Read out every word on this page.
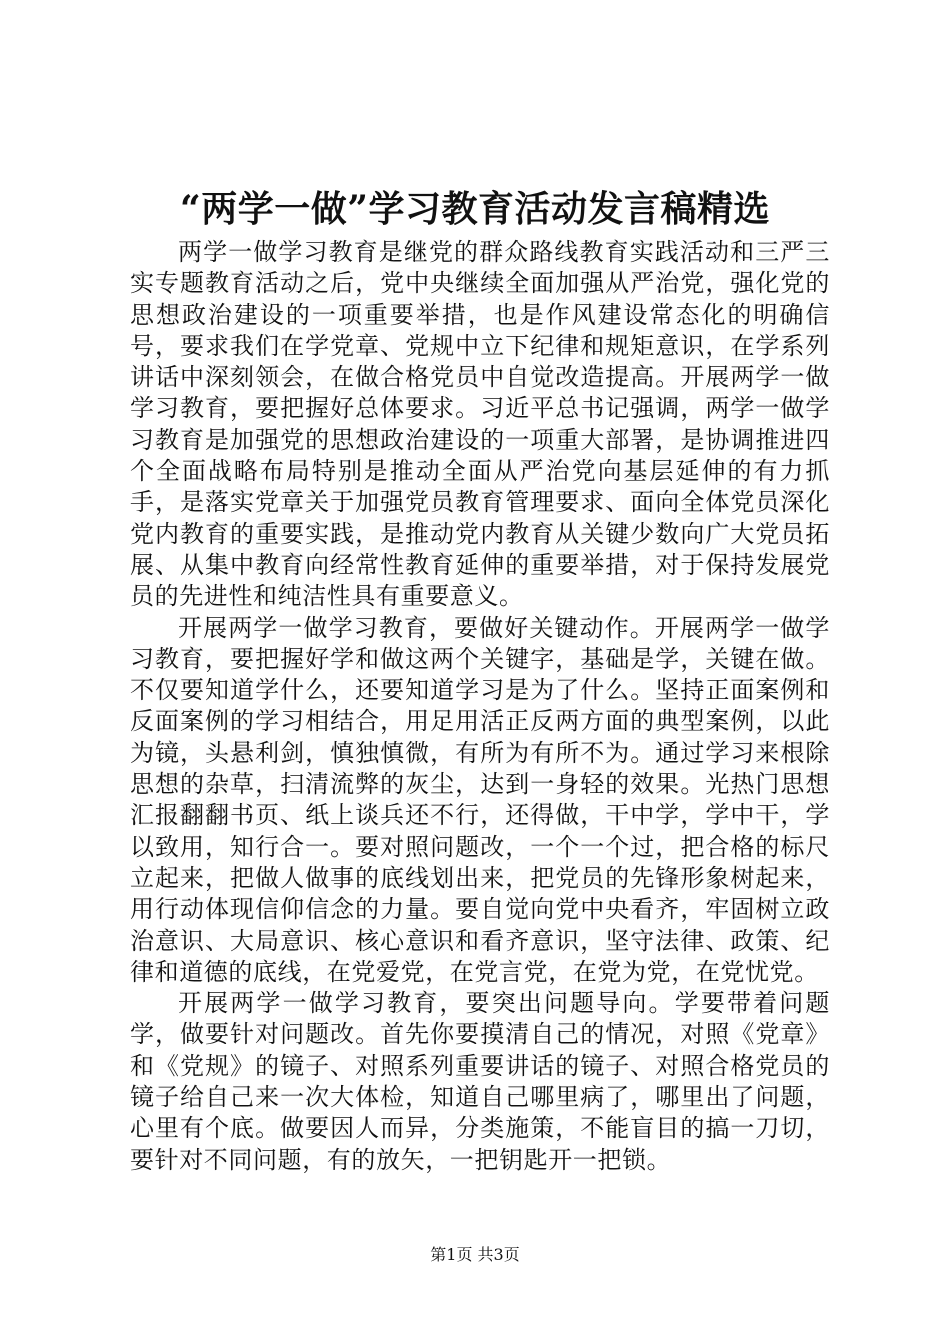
“两学一做”学习教育活动发言稿精选

两学一做学习教育是继党的群众路线教育实践活动和三严三实专题教育活动之后，党中央继续全面加强从严治党，强化党的思想政治建设的一项重要举措，也是作风建设常态化的明确信号，要求我们在学党章、党规中立下纪律和规矩意识，在学系列讲话中深刻领会，在做合格党员中自觉改造提高。开展两学一做学习教育，要把握好总体要求。习近平总书记强调，两学一做学习教育是加强党的思想政治建设的一项重大部署，是协调推进四个全面战略布局特别是推动全面从严治党向基层延伸的有力抓手，是落实党章关于加强党员教育管理要求、面向全体党员深化党内教育的重要实践，是推动党内教育从关键少数向广大党员拓展、从集中教育向经常性教育延伸的重要举措，对于保持发展党员的先进性和纯洁性具有重要意义。

开展两学一做学习教育，要做好关键动作。开展两学一做学习教育，要把握好学和做这两个关键字，基础是学，关键在做。不仅要知道学什么，还要知道学习是为了什么。坚持正面案例和反面案例的学习相结合，用足用活正反两方面的典型案例，以此为镜，头悬利剑，慎独慎微，有所为有所不为。通过学习来根除思想的杂草，扫清流弊的灰尘，达到一身轻的效果。光热门思想汇报翻翻书页、纸上谈兵还不行，还得做，干中学，学中干，学以致用，知行合一。要对照问题改，一个一个过，把合格的标尺立起来，把做人做事的底线划出来，把党员的先锋形象树起来，用行动体现信仰信念的力量。要自觉向党中央看齐，牢固树立政治意识、大局意识、核心意识和看齐意识，坚守法律、政策、纪律和道德的底线，在党爱党，在党言党，在党为党，在党忧党。

开展两学一做学习教育，要突出问题导向。学要带着问题学，做要针对问题改。首先你要摸清自己的情况，对照《党章》和《党规》的镜子、对照系列重要讲话的镜子、对照合格党员的镜子给自己来一次大体检，知道自己哪里病了，哪里出了问题，心里有个底。做要因人而异，分类施策，不能盲目的搞一刀切，要针对不同问题，有的放矢，一把钥匙开一把锁。

第1页 共3页
